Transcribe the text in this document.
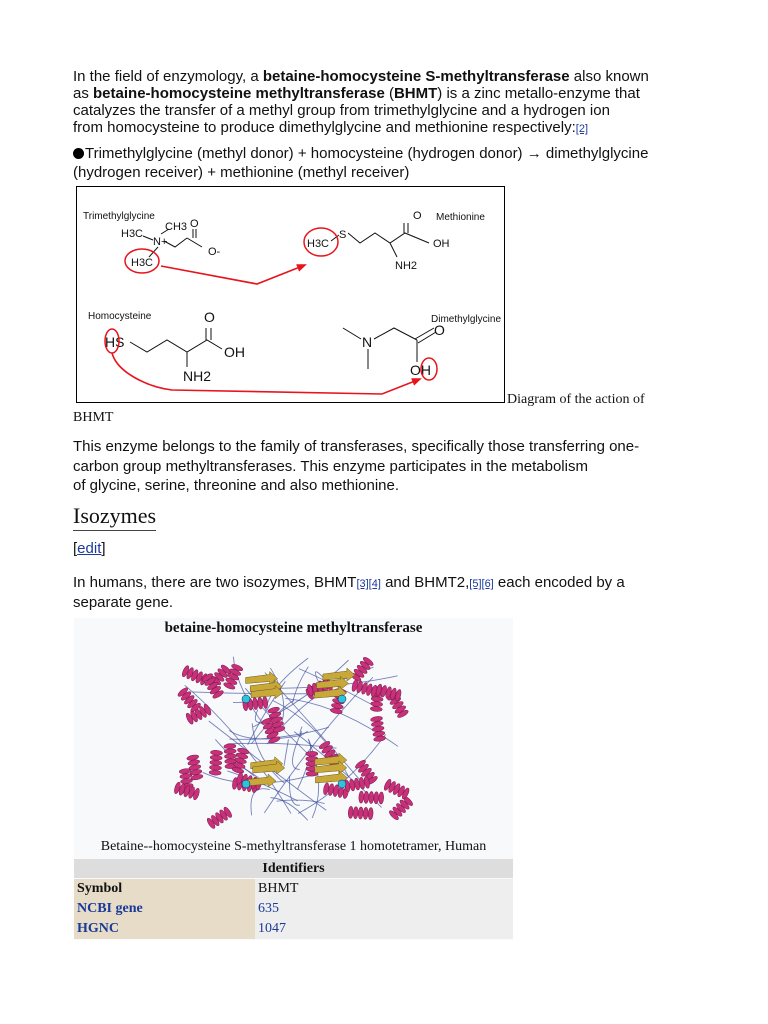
In the field of enzymology, a betaine-homocysteine S-methyltransferase also known
as betaine-homocysteine methyltransferase (BHMT) is a zinc metallo-enzyme that
catalyzes the transfer of a methyl group from trimethylglycine and a hydrogen ion
from homocysteine to produce dimethylglycine and methionine respectively:[2]
Trimethylglycine (methyl donor) + homocysteine (hydrogen donor) → dimethylglycine
(hydrogen receiver) + methionine (methyl receiver)
Trimethylglycine
CH3
H3C
N+
O
O-
H3C
Methionine
O
H3C
S
OH
NH2
Homocysteine	O
HS
OH
NH2
Dimethylglycine
N
O
OH
Diagram of the action of
BHMT
This enzyme belongs to the family of transferases, specifically those transferring one-
carbon group methyltransferases. This enzyme participates in the metabolism
of glycine, serine, threonine and also methionine.
Isozymes
[edit]
In humans, there are two isozymes, BHMT[3][4] and BHMT2,[5][6] each encoded by a
separate gene.
betaine-homocysteine methyltransferase
Betaine--homocysteine S-methyltransferase 1 homotetramer, Human
Identifiers
Symbol	BHMT
NCBI gene	635
HGNC	1047
